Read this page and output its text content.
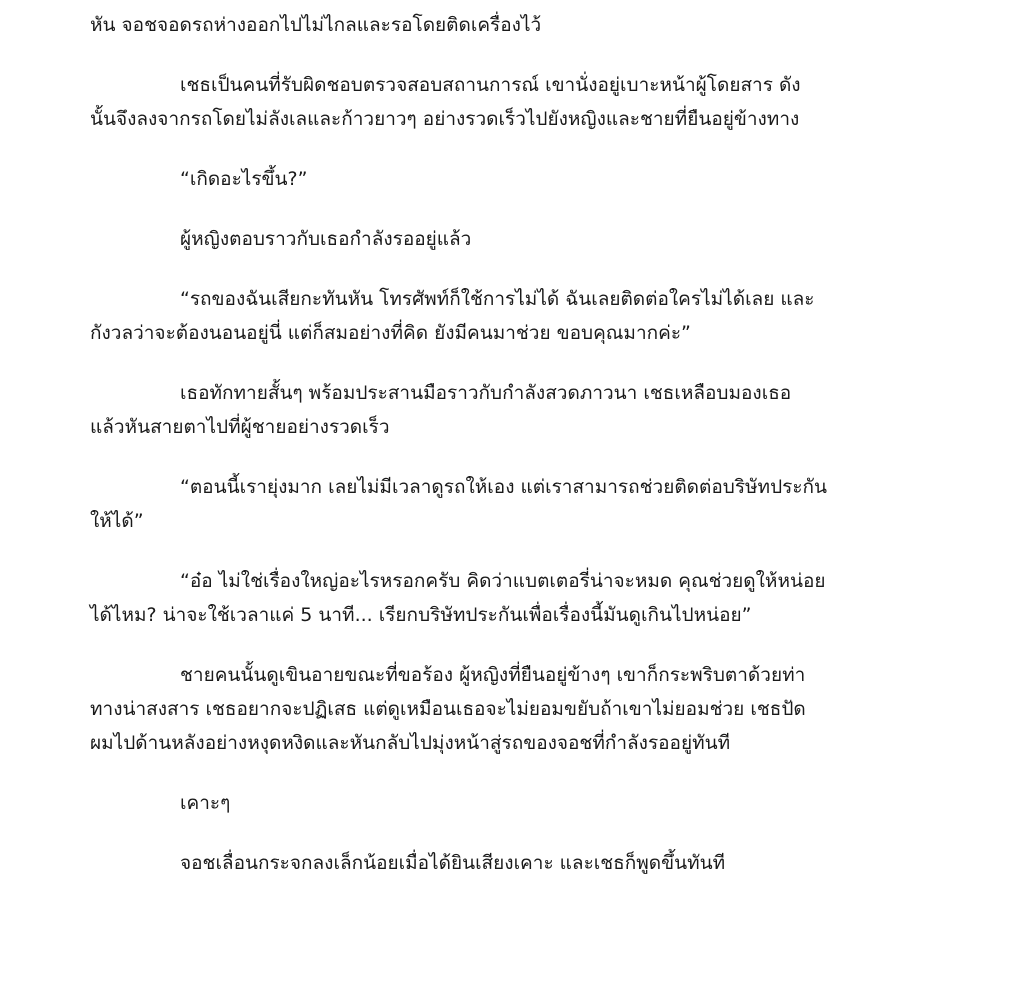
หัน จอชจอดรถห่างออกไปไม่ไกลและรอโดยติดเครื่องไว้

เชธเป็นคนที่รับผิดชอบตรวจสอบสถานการณ์ เขานั่งอยู่เบาะหน้าผู้โดยสาร ดัง
นั้นจึงลงจากรถโดยไม่ลังเลและก้าวยาวๆ อย่างรวดเร็วไปยังหญิงและชายที่ยืนอยู่ข้างทาง

“เกิดอะไรขึ้น?”

ผู้หญิงตอบราวกับเธอกำลังรออยู่แล้ว

“รถของฉันเสียกะทันหัน โทรศัพท์ก็ใช้การไม่ได้ ฉันเลยติดต่อใครไม่ได้เลย และ
กังวลว่าจะต้องนอนอยู่นี่ แต่ก็สมอย่างที่คิด ยังมีคนมาช่วย ขอบคุณมากค่ะ”

เธอทักทายสั้นๆ พร้อมประสานมือราวกับกำลังสวดภาวนา เชธเหลือบมองเธอ
แล้วหันสายตาไปที่ผู้ชายอย่างรวดเร็ว

“ตอนนี้เรายุ่งมาก เลยไม่มีเวลาดูรถให้เอง แต่เราสามารถช่วยติดต่อบริษัทประกัน
ให้ได้”

“อ๋อ ไม่ใช่เรื่องใหญ่อะไรหรอกครับ คิดว่าแบตเตอรี่น่าจะหมด คุณช่วยดูให้หน่อย
ได้ไหม? น่าจะใช้เวลาแค่ 5 นาที... เรียกบริษัทประกันเพื่อเรื่องนี้มันดูเกินไปหน่อย”

ชายคนนั้นดูเขินอายขณะที่ขอร้อง ผู้หญิงที่ยืนอยู่ข้างๆ เขาก็กระพริบตาด้วยท่า
ทางน่าสงสาร เชธอยากจะปฏิเสธ แต่ดูเหมือนเธอจะไม่ยอมขยับถ้าเขาไม่ยอมช่วย เชธปัด
ผมไปด้านหลังอย่างหงุดหงิดและหันกลับไปมุ่งหน้าสู่รถของจอชที่กำลังรออยู่ทันที

เคาะๆ

จอชเลื่อนกระจกลงเล็กน้อยเมื่อได้ยินเสียงเคาะ และเชธก็พูดขึ้นทันที
